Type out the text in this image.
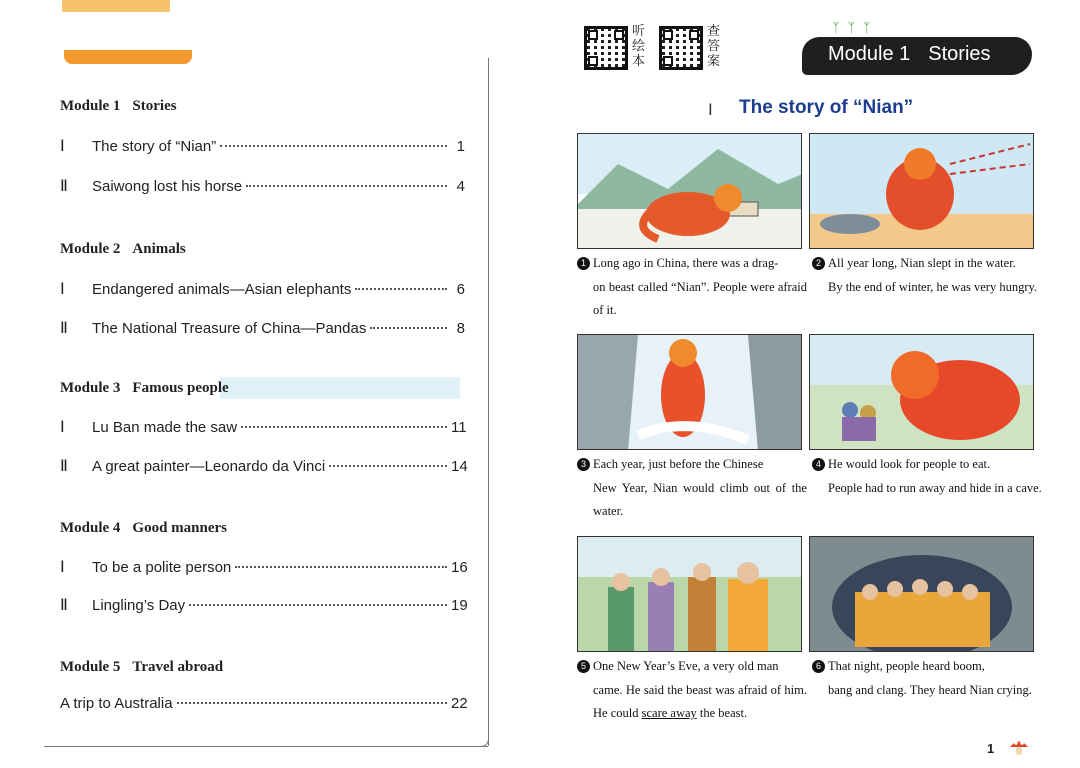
Module 1 Stories
Ⅰ	The story of “Nian”	1
Ⅱ	Saiwong lost his horse	4
Module 2 Animals
Ⅰ	Endangered animals—Asian elephants	6
Ⅱ	The National Treasure of China—Pandas	8
Module 3 Famous people
Ⅰ	Lu Ban made the saw	11
Ⅱ	A great painter—Leonardo da Vinci	14
Module 4 Good manners
Ⅰ	To be a polite person	16
Ⅱ	Lingling’s Day	19
Module 5 Travel abroad
A trip to Australia	22
听绘本
查答案
ᛉ ᛉ ᛉ
Module 1 Stories
Ⅰ The story of “Nian”
1 Long ago in China, there was a drag-
on beast called “Nian”. People were afraid of it.
2 All year long, Nian slept in the water.
By the end of winter, he was very hungry.
3 Each year, just before the Chinese
New Year, Nian would climb out of the water.
4 He would look for people to eat.
People had to run away and hide in a cave.
5 One New Year’s Eve, a very old man
came. He said the beast was afraid of him. He could scare away the beast.
6 That night, people heard boom,
bang and clang. They heard Nian crying.
1
